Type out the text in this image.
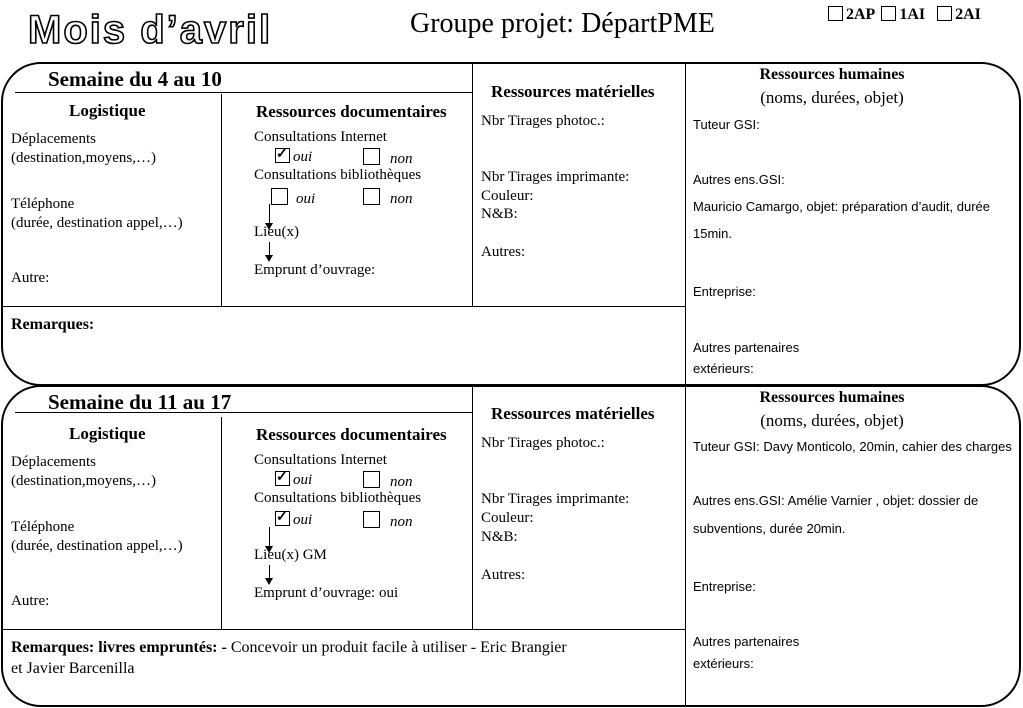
Mois d’avril	Groupe projet: DépartPME	2AP 1AI 2AI
Semaine du 4 au 10
Logistique
Déplacements
(destination,moyens,…)
Téléphone
(durée, destination appel,…)
Autre:
Ressources documentaires
Consultations Internet
✓oui	non
Consultations bibliothèques
oui	non
Lieu(x)
Emprunt d’ouvrage:
Ressources matérielles
Nbr Tirages photoc.:
Nbr Tirages imprimante:
Couleur:
N&B:
Autres:
Ressources humaines
(noms, durées, objet)
Tuteur GSI:
Autres ens.GSI:
Mauricio Camargo, objet: préparation d’audit, durée
15min.
Entreprise:
Autres partenaires
extérieurs:
Remarques:
Semaine du 11 au 17
Logistique
Déplacements
(destination,moyens,…)
Téléphone
(durée, destination appel,…)
Autre:
Ressources documentaires
Consultations Internet
✓oui	non
Consultations bibliothèques
✓oui	non
Lieu(x) GM
Emprunt d’ouvrage: oui
Ressources matérielles
Nbr Tirages photoc.:
Nbr Tirages imprimante:
Couleur:
N&B:
Autres:
Ressources humaines
(noms, durées, objet)
Tuteur GSI: Davy Monticolo, 20min, cahier des charges
Autres ens.GSI: Amélie Varnier , objet: dossier de
subventions, durée 20min.
Entreprise:
Autres partenaires
extérieurs:
Remarques: livres empruntés: - Concevoir un produit facile à utiliser - Eric Brangier
et Javier Barcenilla
